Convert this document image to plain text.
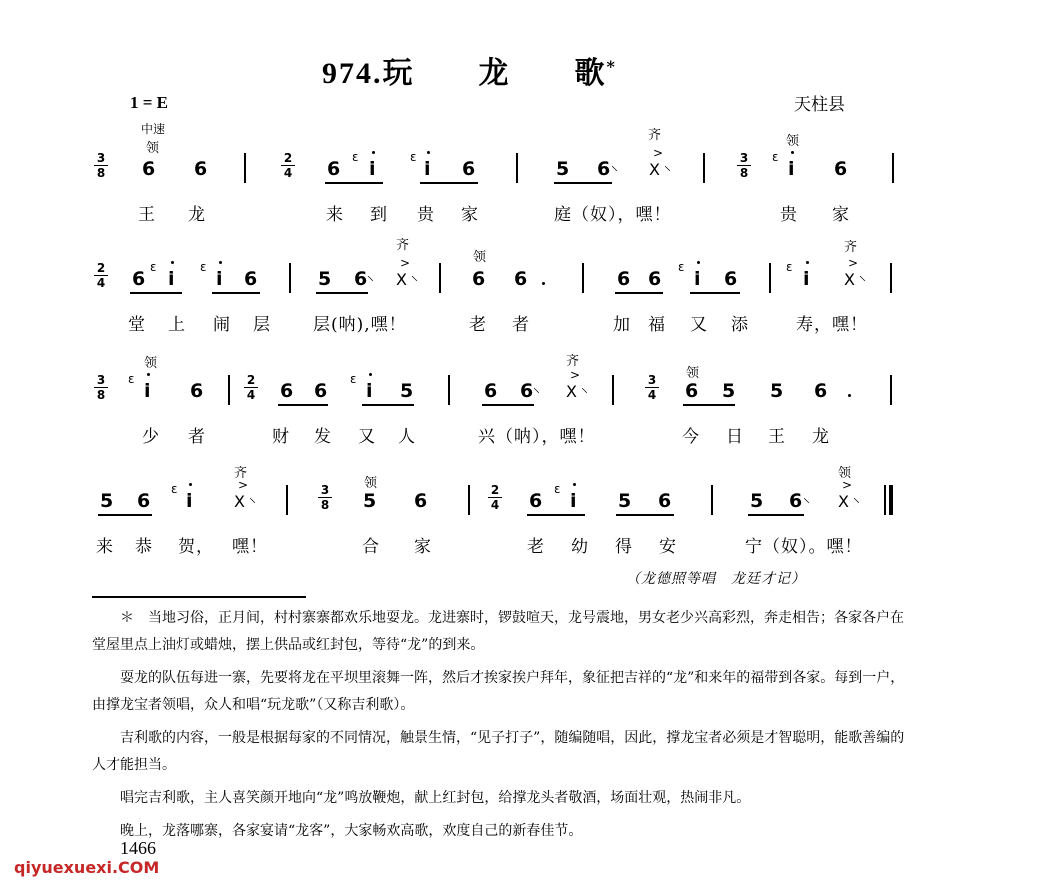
974.玩　　龙　　歌*
1 = E	天柱县
中速
领
3
8 6 6	2
4 6
ɛ
i
ɛ
i 6
齐
5 6 ⸜
>
X ⸜	3
8
领
ɛ
i 6
王 龙	来 到 贵 家	庭（奴），嘿！	贵 家
2
4 6
ɛ
i
ɛ
i 6
齐
5 6 ⸜
>
X ⸜
领
6 6	6 6
ɛ
i 6
齐
ɛ
i
>
X ⸜
堂 上 闹 层 层(呐),嘿！	老 者	加 福 又 添	寿，嘿！
领
3
8
ɛ
i 6	2
4 6 6
ɛ
i 5
齐
6 6 ⸜
>
X ⸜	3
4
领
6 5 5 6
少 者	财 发 又 人	兴（呐），嘿！	今 日 王 龙
5 6
ɛ
i
齐
>
X ⸜	3
8
领
5 6	2
4 6
ɛ
i 5 6
领
5 6 ⸜
>
X ⸜
来 恭 贺， 嘿！	合 家	老 幼 得 安	宁（奴）。嘿！
（龙德照等唱　龙廷才记）

＊　当地习俗，正月间，村村寨寨都欢乐地耍龙。龙进寨时，锣鼓喧天，龙号震地，男女老少兴高彩烈，奔走相告；各家各户在堂屋里点上油灯或蜡烛，摆上供品或红封包，等待“龙”的到来。

耍龙的队伍每进一寨，先要将龙在平坝里滚舞一阵，然后才挨家挨户拜年，象征把吉祥的“龙”和来年的福带到各家。每到一户，由撑龙宝者领唱，众人和唱“玩龙歌”（又称吉利歌）。

吉利歌的内容，一般是根据每家的不同情况，触景生情，“见子打子”，随编随唱，因此，撑龙宝者必须是才智聪明，能歌善编的人才能担当。

唱完吉利歌，主人喜笑颜开地向“龙”鸣放鞭炮，献上红封包，给撑龙头者敬酒，场面壮观，热闹非凡。

晚上，龙落哪寨，各家宴请“龙客”，大家畅欢高歌，欢度自己的新春佳节。

1466
qiyuexuexi.COM
